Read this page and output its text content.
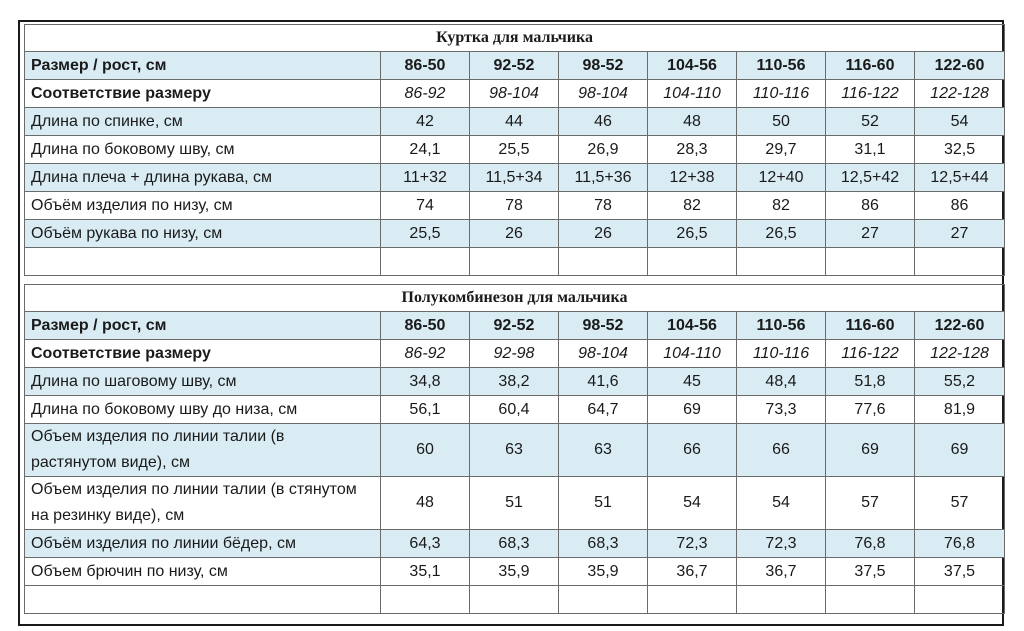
Куртка для мальчика							
Размер / рост, см	86-50	92-52	98-52	104-56	110-56	116-60	122-60
Соответствие размеру	86-92	98-104	98-104	104-110	110-116	116-122	122-128
Длина по спинке, см	42	44	46	48	50	52	54
Длина по боковому шву, см	24,1	25,5	26,9	28,3	29,7	31,1	32,5
Длина плеча + длина рукава, см	11+32	11,5+34	11,5+36	12+38	12+40	12,5+42	12,5+44
Объём изделия по низу, см	74	78	78	82	82	86	86
Объём рукава по низу, см	25,5	26	26	26,5	26,5	27	27

Полукомбинезон для мальчика							
Размер / рост, см	86-50	92-52	98-52	104-56	110-56	116-60	122-60
Соответствие размеру	86-92	92-98	98-104	104-110	110-116	116-122	122-128
Длина по шаговому шву, см	34,8	38,2	41,6	45	48,4	51,8	55,2
Длина по боковому шву до низа, см	56,1	60,4	64,7	69	73,3	77,6	81,9
Объем изделия по линии талии (в растянутом виде), см	60	63	63	66	66	69	69
Объем изделия по линии талии (в стянутом на резинку виде), см	48	51	51	54	54	57	57
Объём изделия по линии бёдер, см	64,3	68,3	68,3	72,3	72,3	76,8	76,8
Объем брючин по низу, см	35,1	35,9	35,9	36,7	36,7	37,5	37,5
